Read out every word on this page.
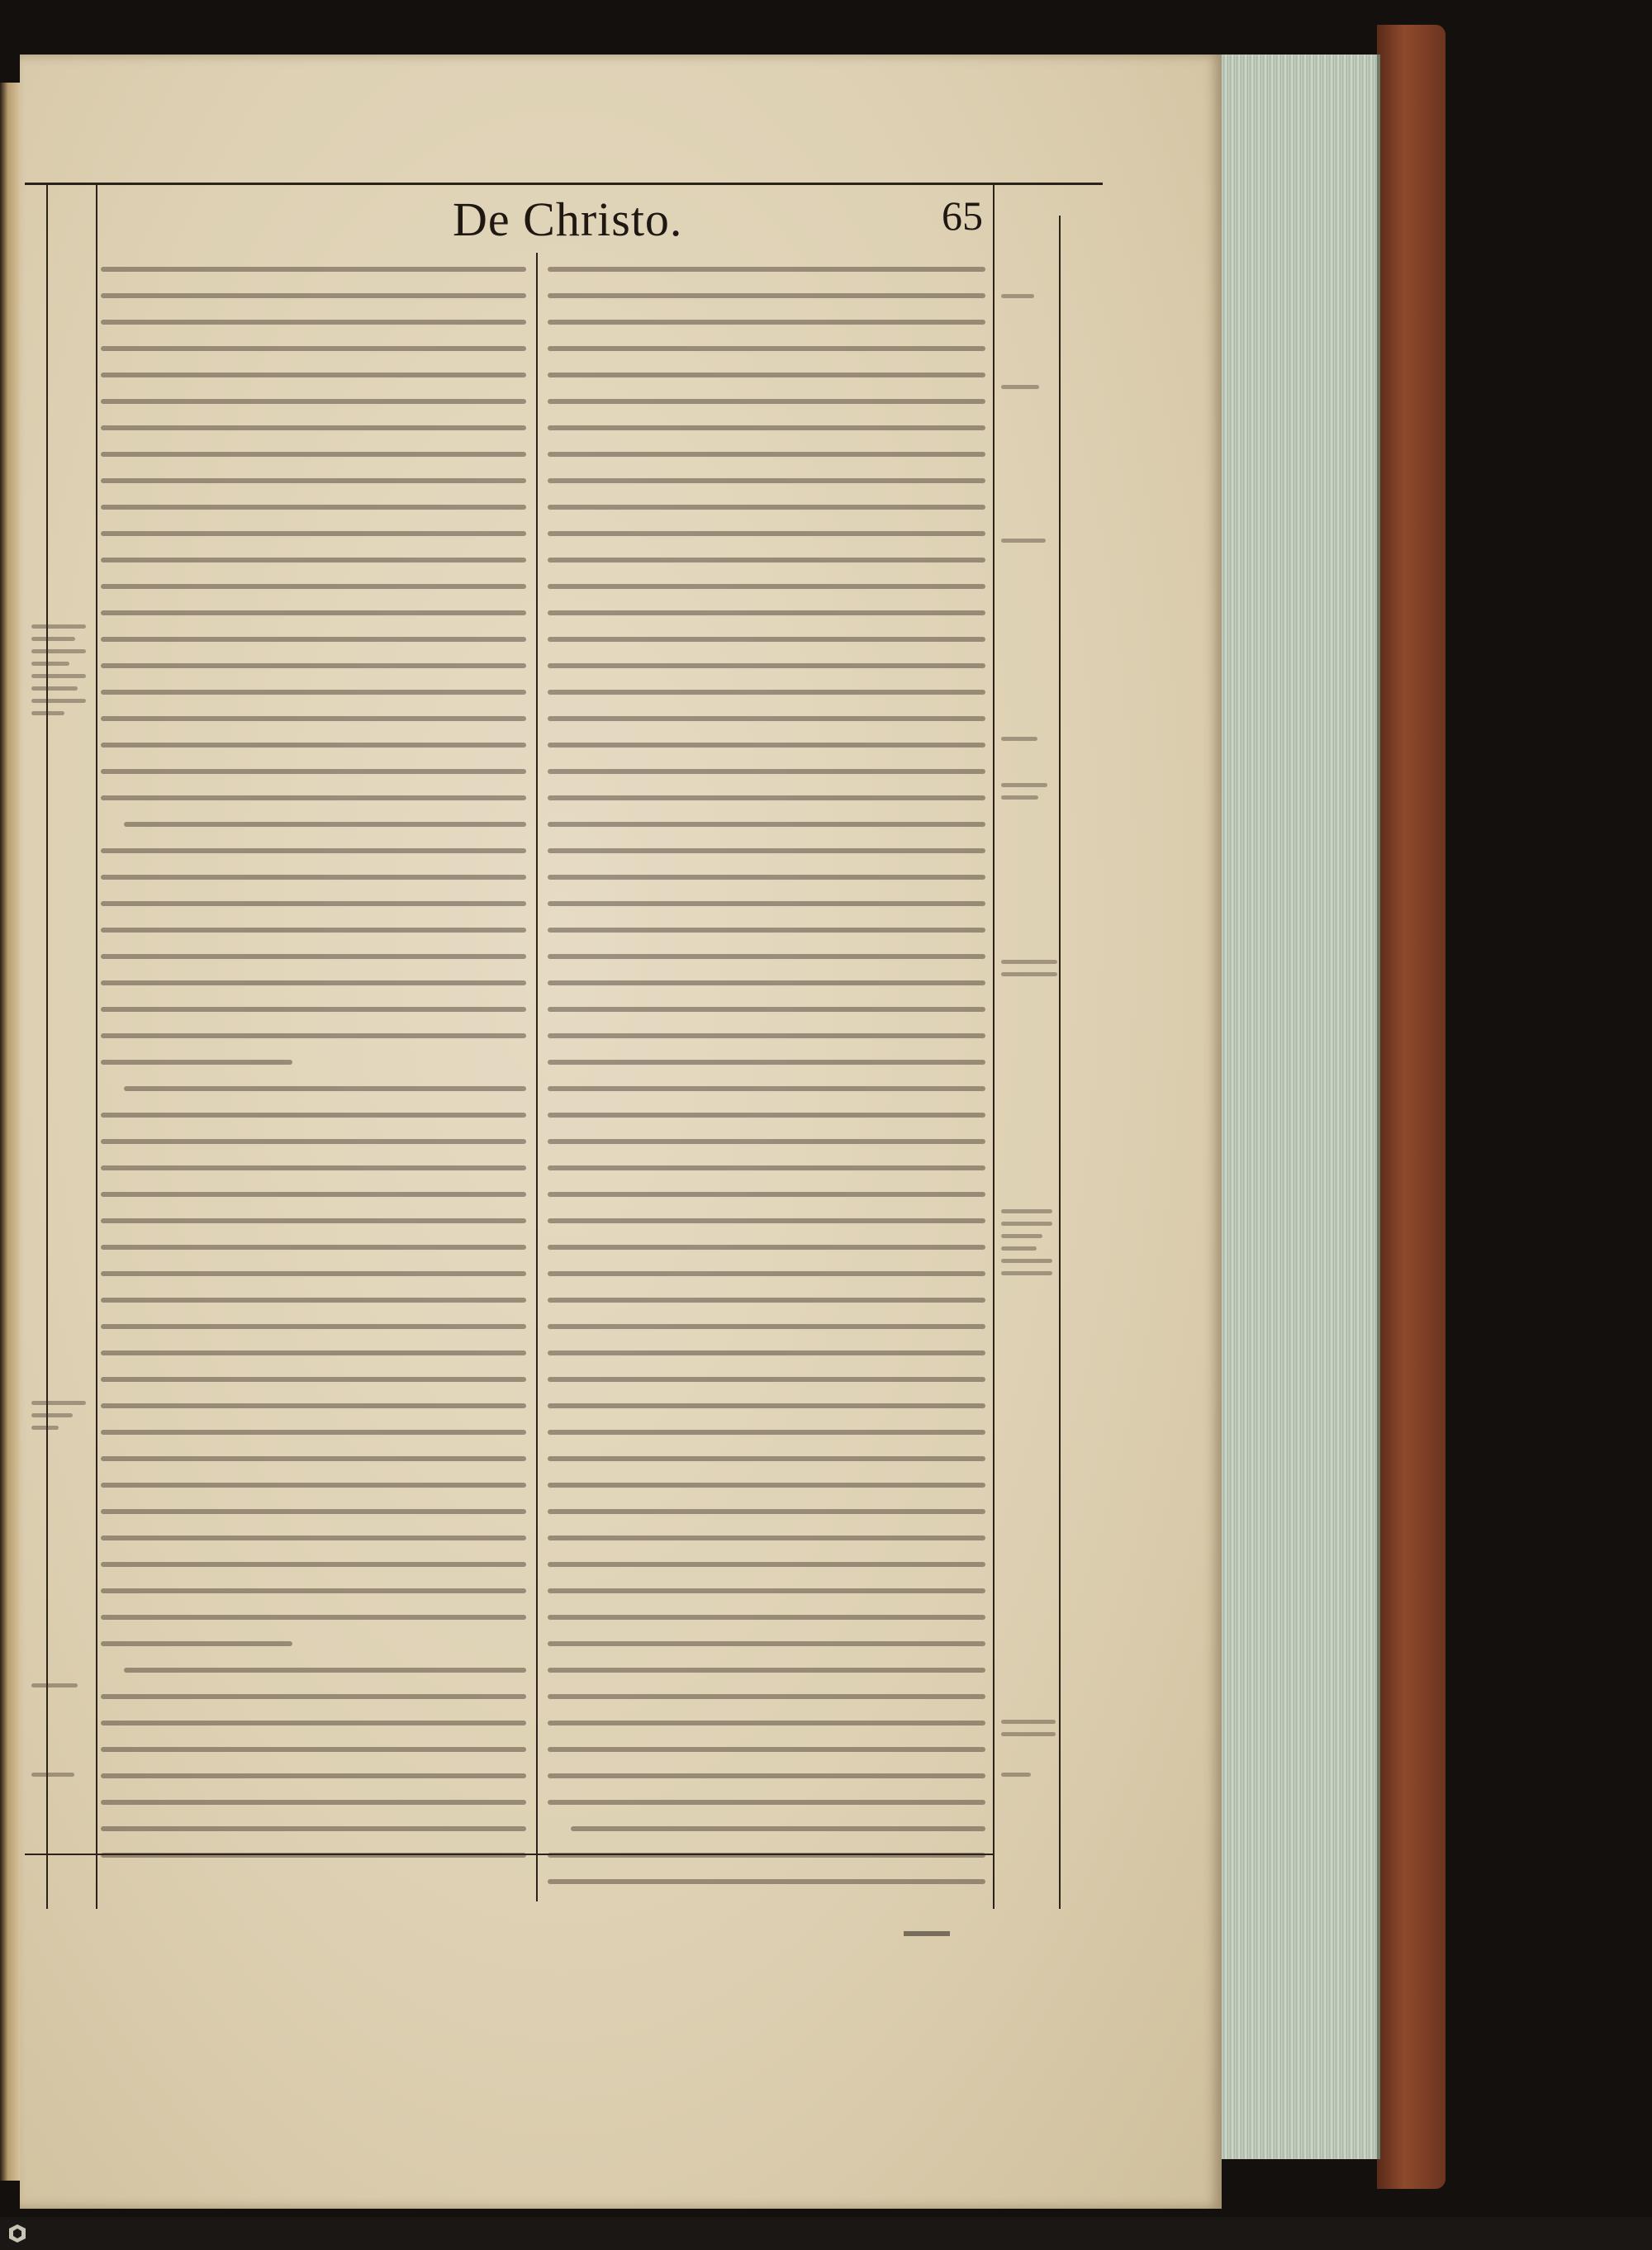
De Christo.	65
